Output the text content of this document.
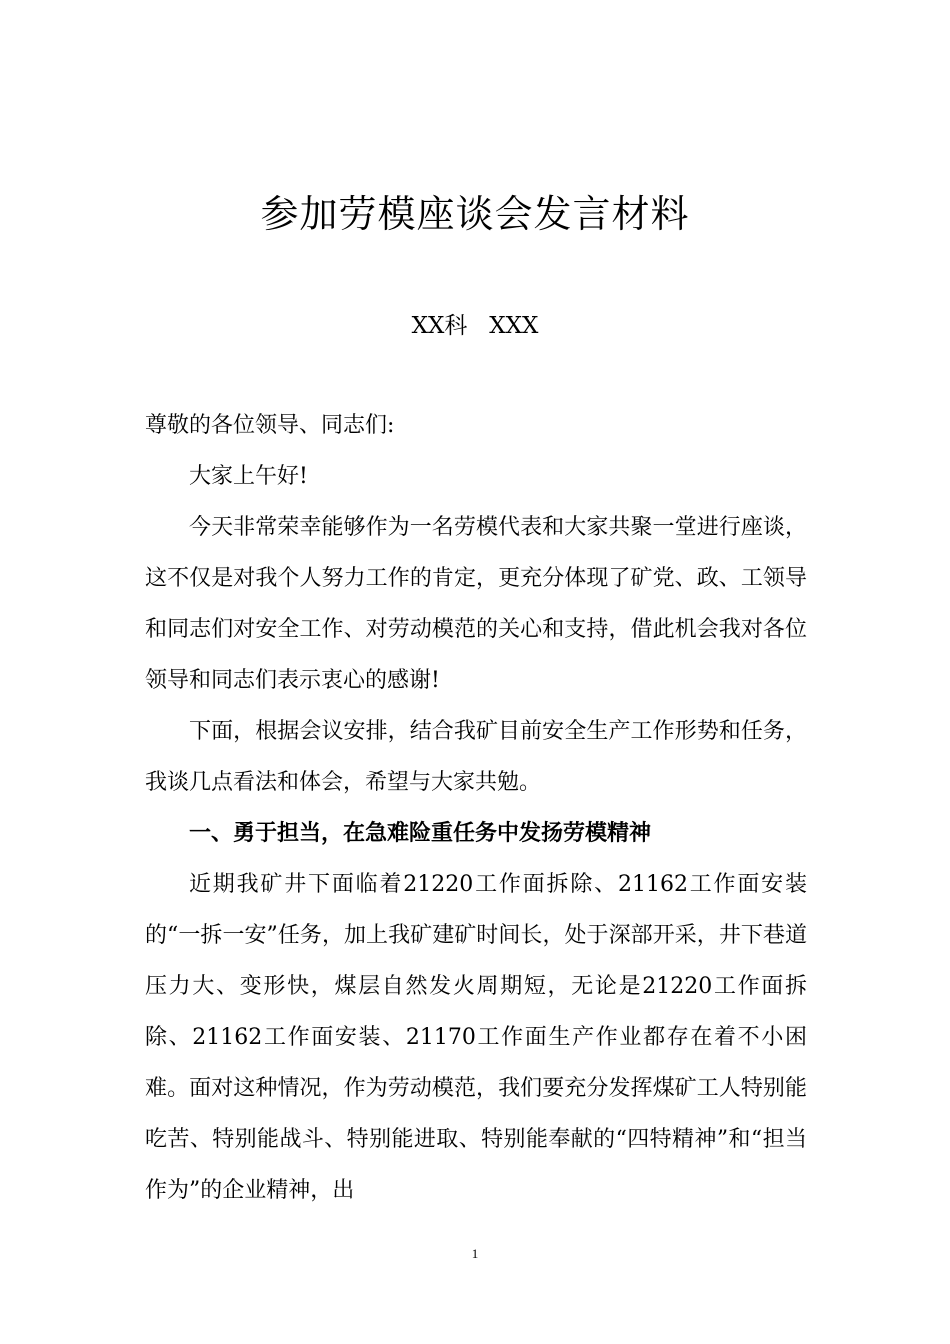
参加劳模座谈会发言材料
XX科   XXX

尊敬的各位领导、同志们:

大家上午好!

今天非常荣幸能够作为一名劳模代表和大家共聚一堂进行座谈，这不仅是对我个人努力工作的肯定，更充分体现了矿党、政、工领导和同志们对安全工作、对劳动模范的关心和支持，借此机会我对各位领导和同志们表示衷心的感谢!

下面，根据会议安排，结合我矿目前安全生产工作形势和任务，我谈几点看法和体会，希望与大家共勉。

一、勇于担当，在急难险重任务中发扬劳模精神

近期我矿井下面临着21220工作面拆除、21162工作面安装的“一拆一安”任务，加上我矿建矿时间长，处于深部开采，井下巷道压力大、变形快，煤层自然发火周期短，无论是21220工作面拆除、21162工作面安装、21170工作面生产作业都存在着不小困难。面对这种情况，作为劳动模范，我们要充分发挥煤矿工人特别能吃苦、特别能战斗、特别能进取、特别能奉献的“四特精神”和“担当作为”的企业精神，出

1
